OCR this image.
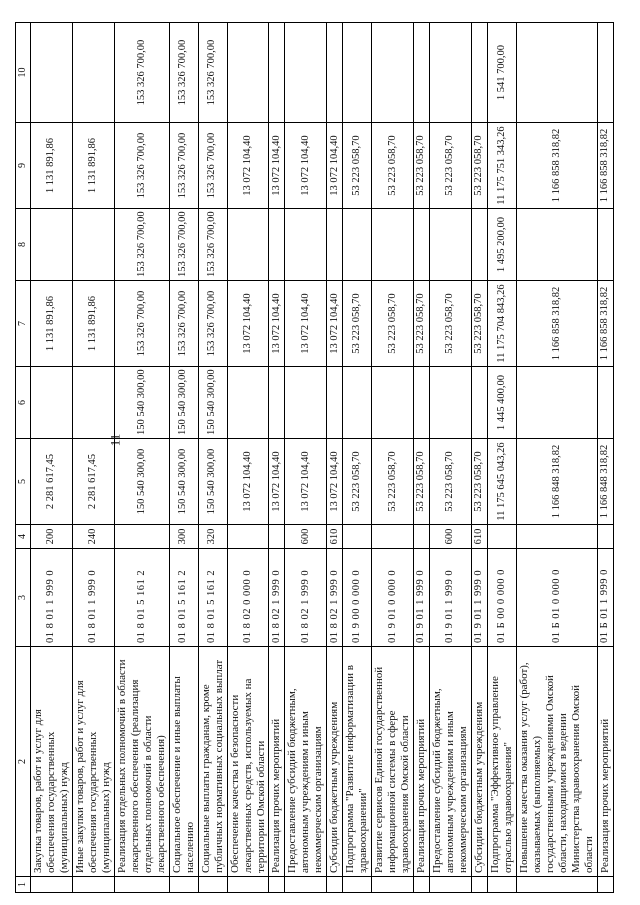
11
1	2	3	4	5	6	7	8	9	10
	Закупка товаров, работ и услуг для обеспечения государственных (муниципальных) нужд	01 8 01 1 999 0	200	2 281 617,45		1 131 891,86		1 131 891,86	
	Иные закупки товаров, работ и услуг для обеспечения государственных (муниципальных) нужд	01 8 01 1 999 0	240	2 281 617,45		1 131 891,86		1 131 891,86	
	Реализация отдельных полномочий в области лекарственного обеспечения (реализация отдельных полномочий в области лекарственного обеспечения)	01 8 01 5 161 2		150 540 300,00	150 540 300,00	153 326 700,00	153 326 700,00	153 326 700,00	153 326 700,00
	Социальное обеспечение и иные выплаты населению	01 8 01 5 161 2	300	150 540 300,00	150 540 300,00	153 326 700,00	153 326 700,00	153 326 700,00	153 326 700,00
	Социальные выплаты гражданам, кроме публичных нормативных социальных выплат	01 8 01 5 161 2	320	150 540 300,00	150 540 300,00	153 326 700,00	153 326 700,00	153 326 700,00	153 326 700,00
	Обеспечение качества и безопасности лекарственных средств, используемых на территории Омской области	01 8 02 0 000 0		13 072 104,40		13 072 104,40		13 072 104,40	
	Реализация прочих мероприятий	01 8 02 1 999 0		13 072 104,40		13 072 104,40		13 072 104,40	
	Предоставление субсидий бюджетным, автономным учреждениям и иным некоммерческим организациям	01 8 02 1 999 0	600	13 072 104,40		13 072 104,40		13 072 104,40	
	Субсидии бюджетным учреждениям	01 8 02 1 999 0	610	13 072 104,40		13 072 104,40		13 072 104,40	
	Подпрограмма "Развитие информатизации в здравоохранении"	01 9 00 0 000 0		53 223 058,70		53 223 058,70		53 223 058,70	
	Развитие сервисов Единой государственной информационной системы в сфере здравоохранения Омской области	01 9 01 0 000 0		53 223 058,70		53 223 058,70		53 223 058,70	
	Реализация прочих мероприятий	01 9 01 1 999 0		53 223 058,70		53 223 058,70		53 223 058,70	
	Предоставление субсидий бюджетным, автономным учреждениям и иным некоммерческим организациям	01 9 01 1 999 0	600	53 223 058,70		53 223 058,70		53 223 058,70	
	Субсидии бюджетным учреждениям	01 9 01 1 999 0	610	53 223 058,70		53 223 058,70		53 223 058,70	
	Подпрограмма "Эффективное управление отраслью здравоохранения"	01 Б 00 0 000 0		11 175 645 043,26	1 445 400,00	11 175 704 843,26	1 495 200,00	11 175 751 343,26	1 541 700,00
	Повышение качества оказания услуг (работ), оказываемых (выполняемых) государственными учреждениями Омской области, находящимися в ведении Министерства здравоохранения Омской области	01 Б 01 0 000 0		1 166 848 318,82		1 166 858 318,82		1 166 858 318,82	
	Реализация прочих мероприятий	01 Б 01 1 999 0		1 166 848 318,82		1 166 858 318,82		1 166 858 318,82	
